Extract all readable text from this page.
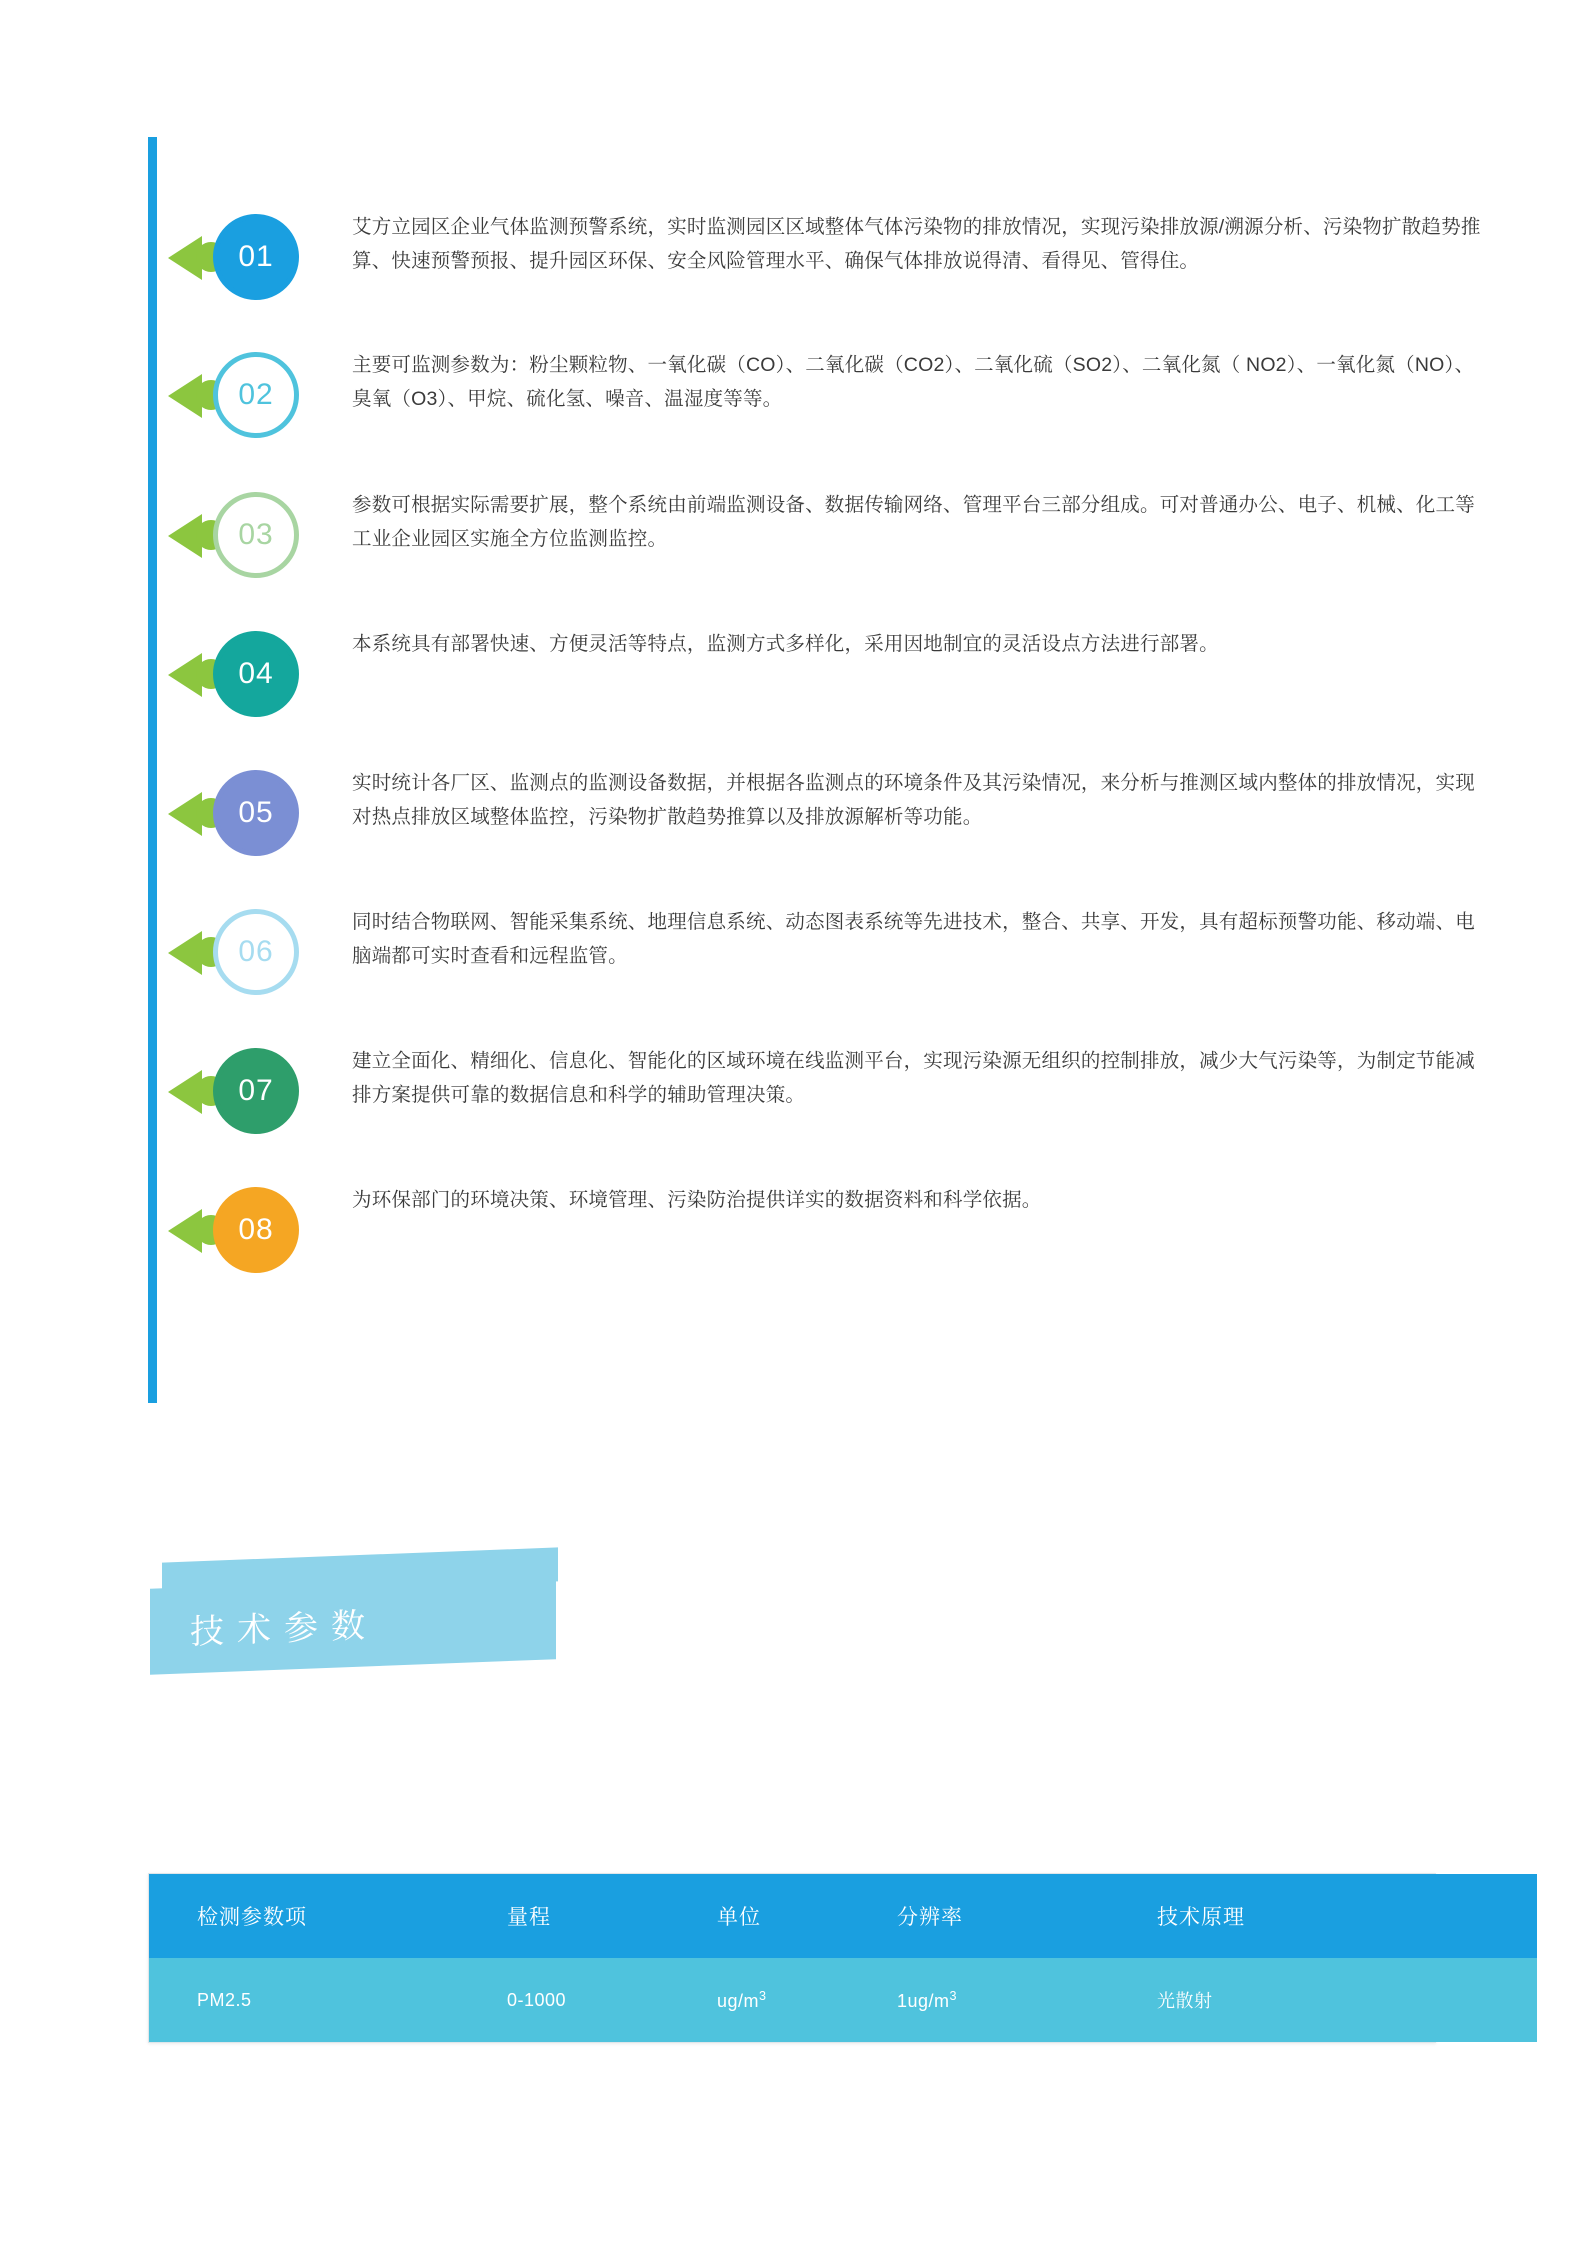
01
艾方立园区企业气体监测预警系统，实时监测园区区域整体气体污染物的排放情况，实现污染排放源/溯源分析、污染物扩散趋势推算、快速预警预报、提升园区环保、安全风险管理水平、确保气体排放说得清、看得见、管得住。
02
主要可监测参数为：粉尘颗粒物、一氧化碳（CO）、二氧化碳（CO2）、二氧化硫（SO2）、二氧化氮（ NO2）、一氧化氮（NO）、臭氧（O3）、甲烷、硫化氢、噪音、温湿度等等。
03
参数可根据实际需要扩展，整个系统由前端监测设备、数据传输网络、管理平台三部分组成。可对普通办公、电子、机械、化工等工业企业园区实施全方位监测监控。
04
本系统具有部署快速、方便灵活等特点，监测方式多样化，采用因地制宜的灵活设点方法进行部署。
05
实时统计各厂区、监测点的监测设备数据，并根据各监测点的环境条件及其污染情况，来分析与推测区域内整体的排放情况，实现对热点排放区域整体监控，污染物扩散趋势推算以及排放源解析等功能。
06
同时结合物联网、智能采集系统、地理信息系统、动态图表系统等先进技术，整合、共享、开发，具有超标预警功能、移动端、电脑端都可实时查看和远程监管。
07
建立全面化、精细化、信息化、智能化的区域环境在线监测平台，实现污染源无组织的控制排放，减少大气污染等，为制定节能减排方案提供可靠的数据信息和科学的辅助管理决策。
08
为环保部门的环境决策、环境管理、污染防治提供详实的数据资料和科学依据。
技术参数
检测参数项	量程	单位	分辨率	技术原理
PM2.5	0-1000	$ug/m^3$	$1ug/m^3$	光散射
